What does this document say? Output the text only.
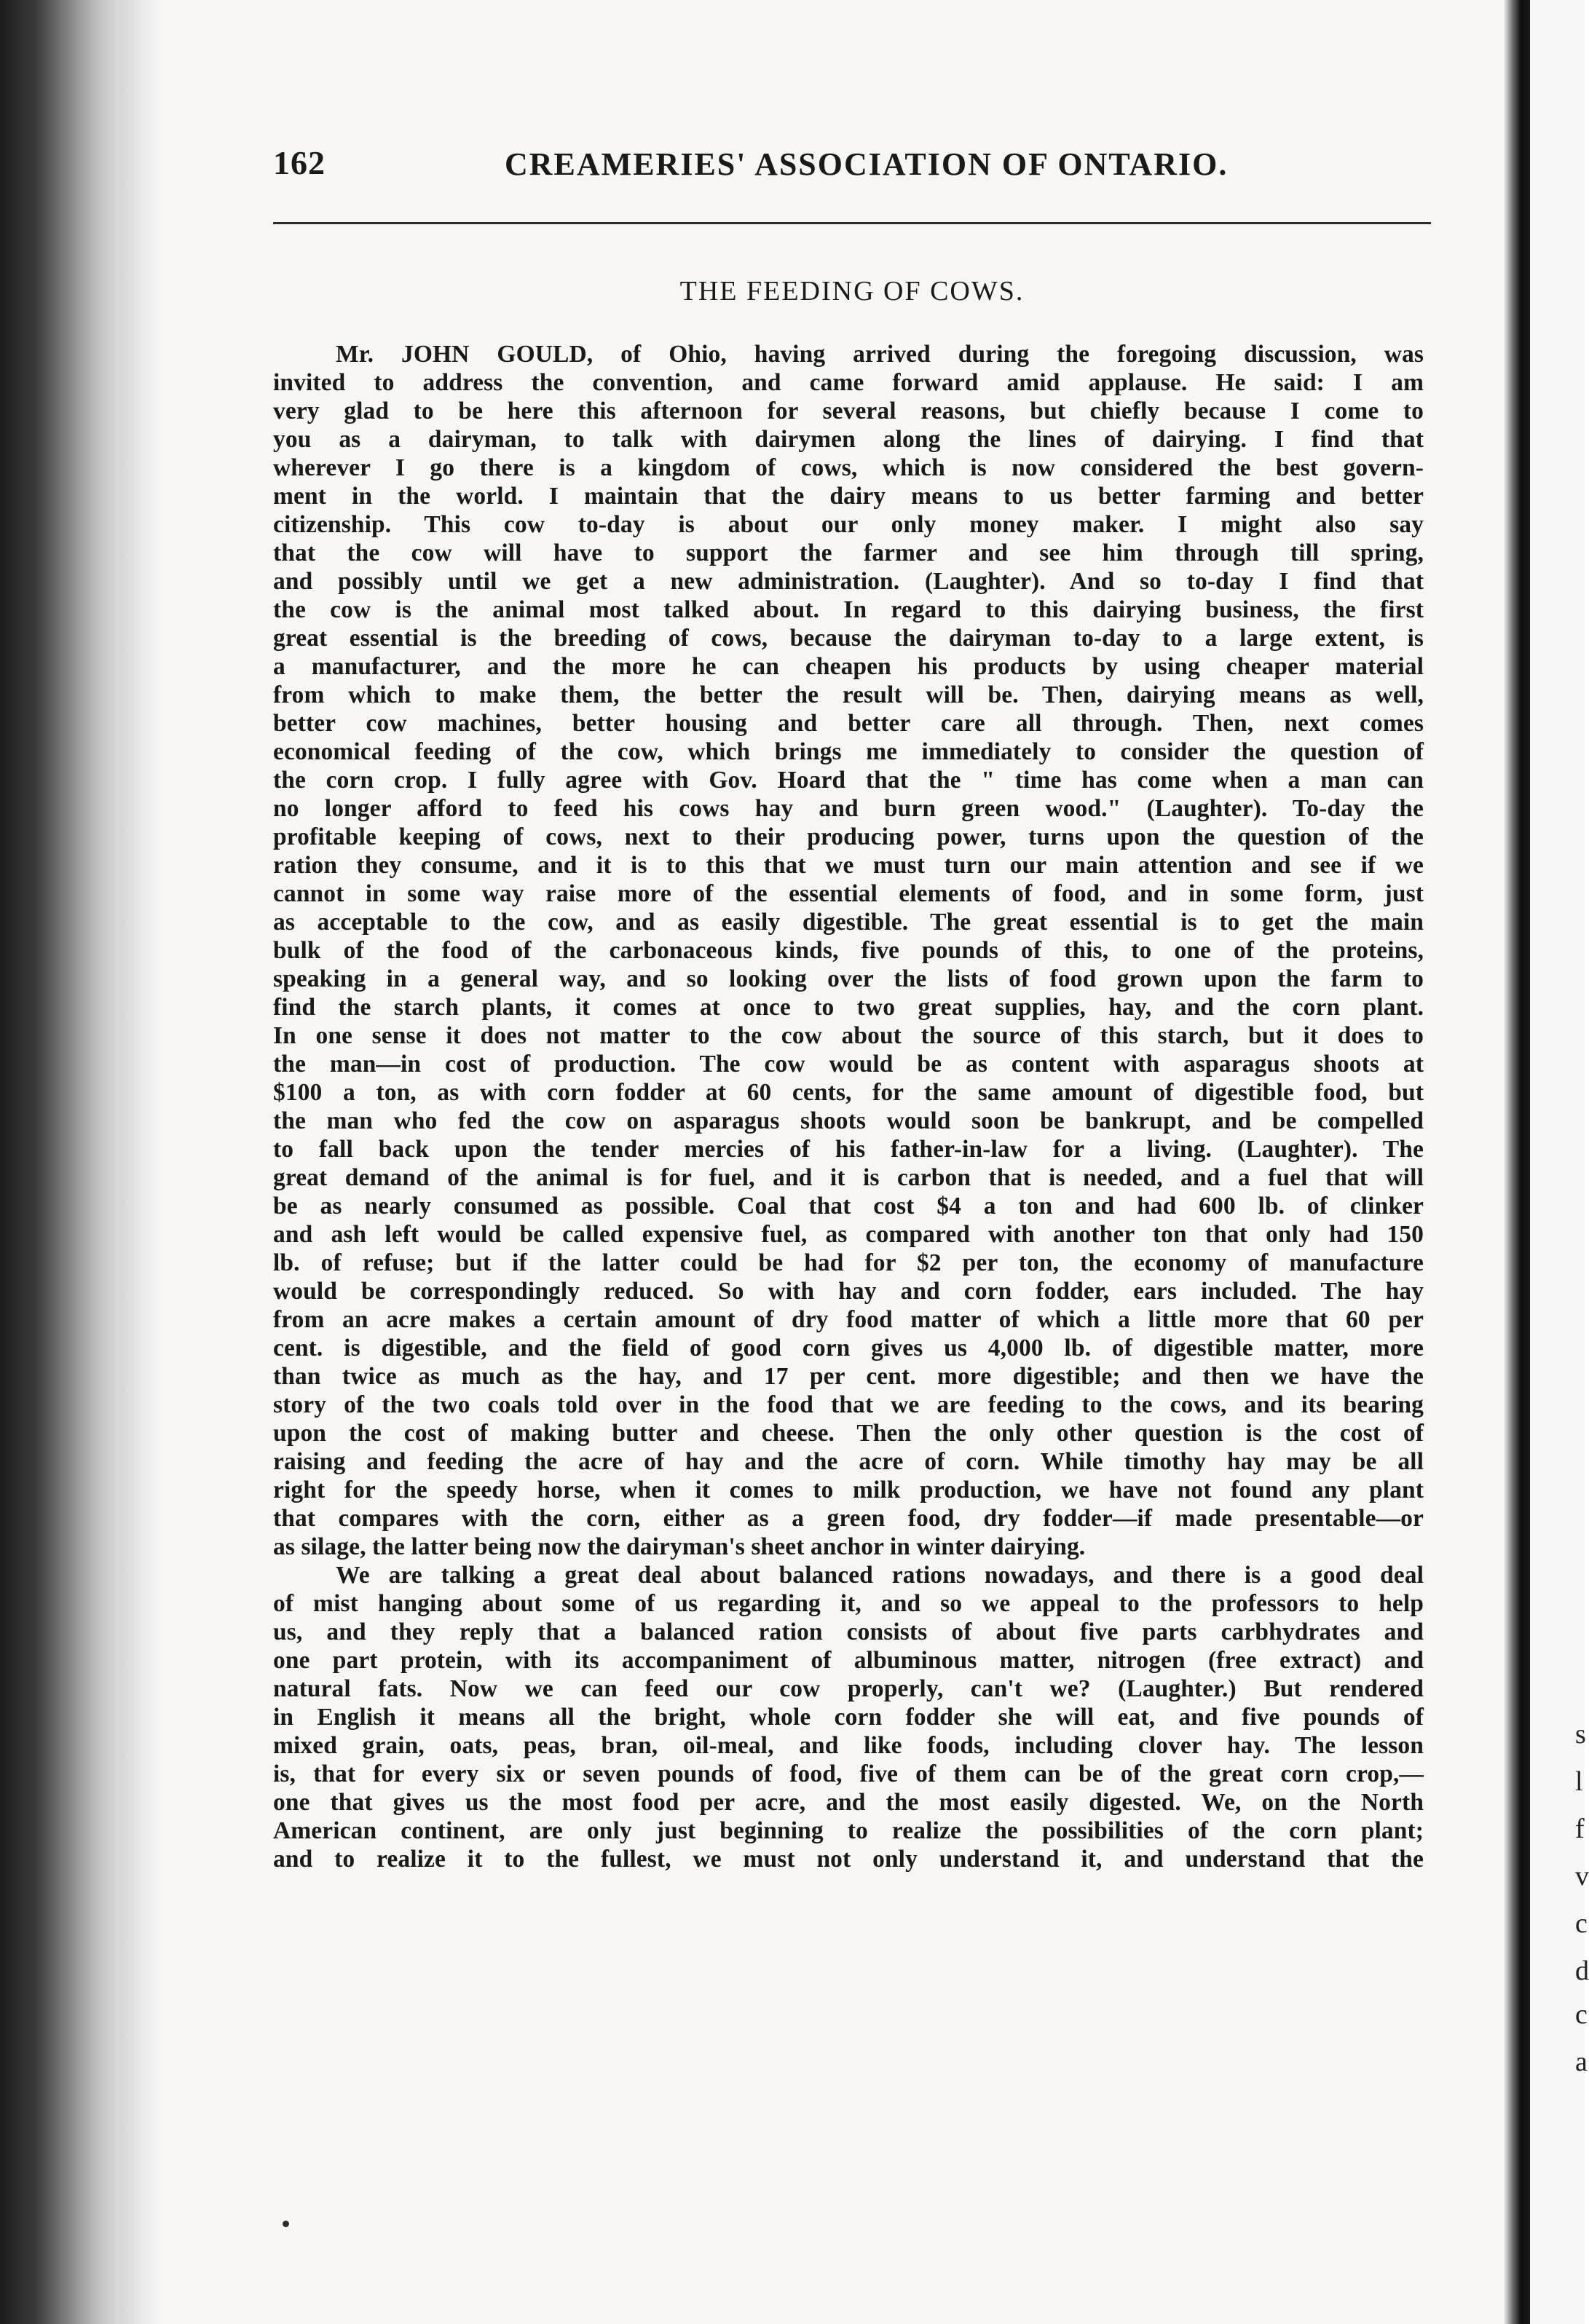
162	CREAMERIES' ASSOCIATION OF ONTARIO.
THE FEEDING OF COWS.
Mr. JOHN GOULD, of Ohio, having arrived during the foregoing discussion, was
invited to address the convention, and came forward amid applause. He said: I am
very glad to be here this afternoon for several reasons, but chiefly because I come to
you as a dairyman, to talk with dairymen along the lines of dairying. I find that
wherever I go there is a kingdom of cows, which is now considered the best govern-
ment in the world. I maintain that the dairy means to us better farming and better
citizenship. This cow to-day is about our only money maker. I might also say
that the cow will have to support the farmer and see him through till spring,
and possibly until we get a new administration. (Laughter). And so to-day I find that
the cow is the animal most talked about. In regard to this dairying business, the first
great essential is the breeding of cows, because the dairyman to-day to a large extent, is
a manufacturer, and the more he can cheapen his products by using cheaper material
from which to make them, the better the result will be. Then, dairying means as well,
better cow machines, better housing and better care all through. Then, next comes
economical feeding of the cow, which brings me immediately to consider the question of
the corn crop. I fully agree with Gov. Hoard that the " time has come when a man can
no longer afford to feed his cows hay and burn green wood." (Laughter). To-day the
profitable keeping of cows, next to their producing power, turns upon the question of the
ration they consume, and it is to this that we must turn our main attention and see if we
cannot in some way raise more of the essential elements of food, and in some form, just
as acceptable to the cow, and as easily digestible. The great essential is to get the main
bulk of the food of the carbonaceous kinds, five pounds of this, to one of the proteins,
speaking in a general way, and so looking over the lists of food grown upon the farm to
find the starch plants, it comes at once to two great supplies, hay, and the corn plant.
In one sense it does not matter to the cow about the source of this starch, but it does to
the man—in cost of production. The cow would be as content with asparagus shoots at
$100 a ton, as with corn fodder at 60 cents, for the same amount of digestible food, but
the man who fed the cow on asparagus shoots would soon be bankrupt, and be compelled
to fall back upon the tender mercies of his father-in-law for a living. (Laughter). The
great demand of the animal is for fuel, and it is carbon that is needed, and a fuel that will
be as nearly consumed as possible. Coal that cost $4 a ton and had 600 lb. of clinker
and ash left would be called expensive fuel, as compared with another ton that only had 150
lb. of refuse; but if the latter could be had for $2 per ton, the economy of manufacture
would be correspondingly reduced. So with hay and corn fodder, ears included. The hay
from an acre makes a certain amount of dry food matter of which a little more that 60 per
cent. is digestible, and the field of good corn gives us 4,000 lb. of digestible matter, more
than twice as much as the hay, and 17 per cent. more digestible; and then we have the
story of the two coals told over in the food that we are feeding to the cows, and its bearing
upon the cost of making butter and cheese. Then the only other question is the cost of
raising and feeding the acre of hay and the acre of corn. While timothy hay may be all
right for the speedy horse, when it comes to milk production, we have not found any plant
that compares with the corn, either as a green food, dry fodder—if made presentable—or
as silage, the latter being now the dairyman's sheet anchor in winter dairying.
We are talking a great deal about balanced rations nowadays, and there is a good deal
of mist hanging about some of us regarding it, and so we appeal to the professors to help
us, and they reply that a balanced ration consists of about five parts carbhydrates and
one part protein, with its accompaniment of albuminous matter, nitrogen (free extract) and
natural fats. Now we can feed our cow properly, can't we? (Laughter.) But rendered
in English it means all the bright, whole corn fodder she will eat, and five pounds of
mixed grain, oats, peas, bran, oil-meal, and like foods, including clover hay. The lesson
is, that for every six or seven pounds of food, five of them can be of the great corn crop,—
one that gives us the most food per acre, and the most easily digested. We, on the North
American continent, are only just beginning to realize the possibilities of the corn plant;
and to realize it to the fullest, we must not only understand it, and understand that the
s
l
f
v
c
d
c
a
